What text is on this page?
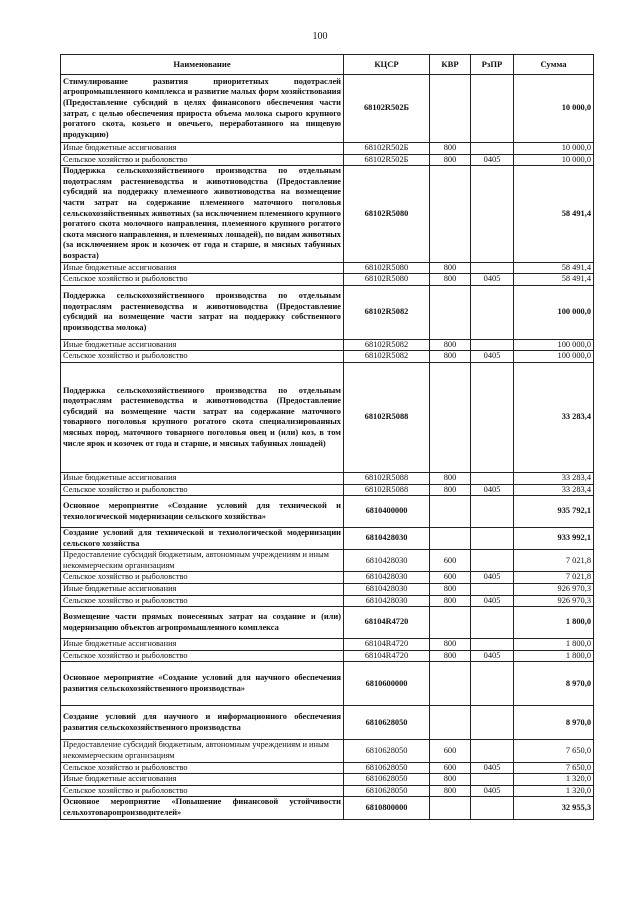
100
Наименование	КЦСР	КВР	РзПР	Сумма
Стимулирование развития приоритетных подотраслей агропромышленного комплекса и развитие малых форм хозяйствования (Предоставление субсидий в целях финансового обеспечения части затрат, с целью обеспечения прироста объема молока сырого крупного рогатого скота, козьего и овечьего, переработанного на пищевую продукцию)	68102R502Б			10 000,0
Иные бюджетные ассигнования	68102R502Б	800		10 000,0
Сельское хозяйство и рыболовство	68102R502Б	800	0405	10 000,0
Поддержка сельскохозяйственного производства по отдельным подотраслям растениеводства и животноводства (Предоставление субсидий на поддержку племенного животноводства на возмещение части затрат на содержание племенного маточного поголовья сельскохозяйственных животных (за исключением племенного крупного рогатого скота молочного направления, племенного крупного рогатого скота мясного направления, и племенных лошадей), по видам животных (за исключением ярок и козочек от года и старше, и мясных табунных возраста)	68102R5080			58 491,4
Иные бюджетные ассигнования	68102R5080	800		58 491,4
Сельское хозяйство и рыболовство	68102R5080	800	0405	58 491,4
Поддержка сельскохозяйственного производства по отдельным подотраслям растениеводства и животноводства (Предоставление субсидий на возмещение части затрат на поддержку собственного производства молока)	68102R5082			100 000,0
Иные бюджетные ассигнования	68102R5082	800		100 000,0
Сельское хозяйство и рыболовство	68102R5082	800	0405	100 000,0
Поддержка сельскохозяйственного производства по отдельным подотраслям растениеводства и животноводства (Предоставление субсидий на возмещение части затрат на содержание маточного товарного поголовья крупного рогатого скота специализированных мясных пород, маточного товарного поголовья овец и (или) коз, в том числе ярок и козочек от года и старше, и мясных табунных лошадей)	68102R5088			33 283,4
Иные бюджетные ассигнования	68102R5088	800		33 283,4
Сельское хозяйство и рыболовство	68102R5088	800	0405	33 283,4
Основное мероприятие «Создание условий для технической и технологической модернизации сельского хозяйства»	6810400000			935 792,1
Создание условий для технической и технологической модернизации сельского хозяйства	6810428030			933 992,1
Предоставление субсидий бюджетным, автономным учреждениям и иным некоммерческим организациям	6810428030	600		7 021,8
Сельское хозяйство и рыболовство	6810428030	600	0405	7 021,8
Иные бюджетные ассигнования	6810428030	800		926 970,3
Сельское хозяйство и рыболовство	6810428030	800	0405	926 970,3
Возмещение части прямых понесенных затрат на создание и (или) модернизацию объектов агропромышленного комплекса	68104R4720			1 800,0
Иные бюджетные ассигнования	68104R4720	800		1 800,0
Сельское хозяйство и рыболовство	68104R4720	800	0405	1 800,0
Основное мероприятие «Создание условий для научного обеспечения развития сельскохозяйственного производства»	6810600000			8 970,0
Создание условий для научного и информационного обеспечения развития сельскохозяйственного производства	6810628050			8 970,0
Предоставление субсидий бюджетным, автономным учреждениям и иным некоммерческим организациям	6810628050	600		7 650,0
Сельское хозяйство и рыболовство	6810628050	600	0405	7 650,0
Иные бюджетные ассигнования	6810628050	800		1 320,0
Сельское хозяйство и рыболовство	6810628050	800	0405	1 320,0
Основное мероприятие «Повышение финансовой устойчивости сельхозтоваропроизводителей»	6810800000			32 955,3
